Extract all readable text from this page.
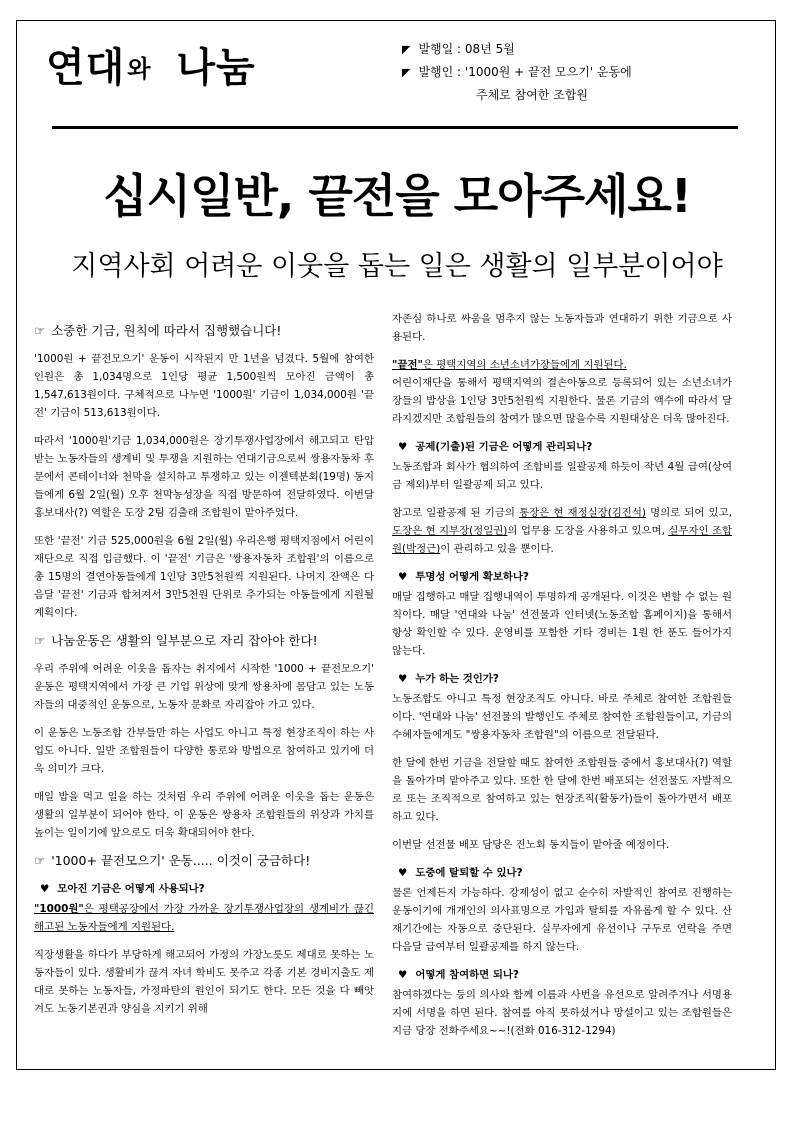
연대와 나눔	◤ 발행일 : 08년 5월
◤ 발행인 : '1000원 + 끝전 모으기' 운동에
주체로 참여한 조합원
십시일반, 끝전을 모아주세요!
지역사회 어려운 이웃을 돕는 일은 생활의 일부분이어야
☞ 소중한 기금, 원칙에 따라서 집행했습니다!

'1000원 + 끝전모으기' 운동이 시작된지 만 1년을 넘겼다. 5월에 참여한 인원은 총 1,034명으로 1인당 평균 1,500원씩 모아진 금액이 총 1,547,613원이다. 구체적으로 나누면 '1000원' 기금이 1,034,000원 '끝전' 기금이 513,613원이다.

따라서 '1000원'기금 1,034,000원은 장기투쟁사업장에서 해고되고 탄압받는 노동자들의 생계비 및 투쟁을 지원하는 연대기금으로써 쌍용자동차 후문에서 콘테이너와 천막을 설치하고 투쟁하고 있는 이젠텍분회(19명) 동지들에게 6월 2일(월) 오후 천막농성장을 직접 방문하여 전달하였다. 이번달 홍보대사(?) 역할은 도장 2팀 김출래 조합원이 맡아주었다.

또한 '끝전' 기금 525,000원을 6월 2일(월) 우리은행 평택지점에서 어린이재단으로 직접 입금했다. 이 '끝전' 기금은 '쌍용자동차 조합원'의 이름으로 총 15명의 결연아동들에게 1인당 3만5천원씩 지원된다. 나머지 잔액은 다음달 '끝전' 기금과 합쳐져서 3만5천원 단위로 추가되는 아동들에게 지원될 계획이다.

☞ 나눔운동은 생활의 일부분으로 자리 잡아야 한다!

우리 주위에 어려운 이웃을 돕자는 취지에서 시작한 '1000 + 끝전모으기' 운동은 평택지역에서 가장 큰 기업 위상에 맞게 쌍용차에 몸담고 있는 노동자들의 대중적인 운동으로, 노동자 문화로 자리잡아 가고 있다.

이 운동은 노동조합 간부들만 하는 사업도 아니고 특정 현장조직이 하는 사업도 아니다. 일반 조합원들이 다양한 통로와 방법으로 참여하고 있기에 더욱 의미가 크다.

매일 밥을 먹고 일을 하는 것처럼 우리 주위에 어려운 이웃을 돕는 운동은 생활의 일부분이 되어야 한다. 이 운동은 쌍용차 조합원들의 위상과 가치를 높이는 일이기에 앞으로도 더욱 확대되어야 한다.

☞ '1000+ 끝전모으기' 운동..... 이것이 궁금하다!
♥ 모아진 기금은 어떻게 사용되나?

"1000원"은 평택공장에서 가장 가까운 장기투쟁사업장의 생계비가 끊긴 해고된 노동자들에게 지원된다.

직장생활을 하다가 부당하게 해고되어 가정의 가장노릇도 제대로 못하는 노동자들이 있다. 생활비가 끊겨 자녀 학비도 못주고 각종 기본 경비지출도 제대로 못하는 노동자들, 가정파탄의 원인이 되기도 한다. 모든 것을 다 빼앗겨도 노동기본권과 양심을 지키기 위해

자존심 하나로 싸움을 멈추지 않는 노동자들과 연대하기 위한 기금으로 사용된다.

"끝전"은 평택지역의 소년소녀가장들에게 지원된다.

어린이재단을 통해서 평택지역의 결손아동으로 등록되어 있는 소년소녀가장들의 밥상을 1인당 3만5천원씩 지원한다. 물론 기금의 액수에 따라서 달라지겠지만 조합원들의 참여가 많으면 많을수록 지원대상은 더욱 많아진다.

♥ 공제(기출)된 기금은 어떻게 관리되나?

노동조합과 회사가 협의하여 조합비를 일괄공제 하듯이 작년 4월 급여(상여금 제외)부터 일괄공제 되고 있다.

참고로 일괄공제 된 기금의 통장은 현 재정실장(김진석) 명의로 되어 있고, 도장은 현 지부장(정일권)의 업무용 도장을 사용하고 있으며, 실무자인 조합원(박정근)이 관리하고 있을 뿐이다.

♥ 투명성 어떻게 확보하나?

매달 집행하고 매달 집행내역이 투명하게 공개된다. 이것은 변할 수 없는 원칙이다. 매달 '연대와 나눔' 선전물과 인터넷(노동조합 홈페이지)을 통해서 항상 확인할 수 있다. 운영비를 포함한 기타 경비는 1원 한 푼도 들어가지 않는다.

♥ 누가 하는 것인가?

노동조합도 아니고 특정 현장조직도 아니다. 바로 주체로 참여한 조합원들이다. '연대와 나눔' 선전물의 발행인도 주체로 참여한 조합원들이고, 기금의 수혜자들에게도 "쌍용자동차 조합원"의 이름으로 전달된다.

한 달에 한번 기금을 전달할 때도 참여한 조합원들 중에서 홍보대사(?) 역할을 돌아가며 맡아주고 있다. 또한 한 달에 한번 배포되는 선전물도 자발적으로 또는 조직적으로 참여하고 있는 현장조직(활동가)들이 돌아가면서 배포하고 있다.

이번달 선전물 배포 담당은 진노회 동지들이 맡아줄 예정이다.

♥ 도중에 탈퇴할 수 있나?

물론 언제든지 가능하다. 강제성이 없고 순수히 자발적인 참여로 진행하는 운동이기에 개개인의 의사표명으로 가입과 탈퇴를 자유롭게 할 수 있다. 산재기간에는 자동으로 중단된다. 실무자에게 유선이나 구두로 연락을 주면 다음달 급여부터 일괄공제를 하지 않는다.

♥ 어떻게 참여하면 되나?

참여하겠다는 등의 의사와 함께 이름과 사번을 유선으로 알려주거나 서명용지에 서명을 하면 된다. 참여를 아직 못하셨거나 망설이고 있는 조합원들은 지금 당장 전화주세요~~!(전화 016-312-1294)
